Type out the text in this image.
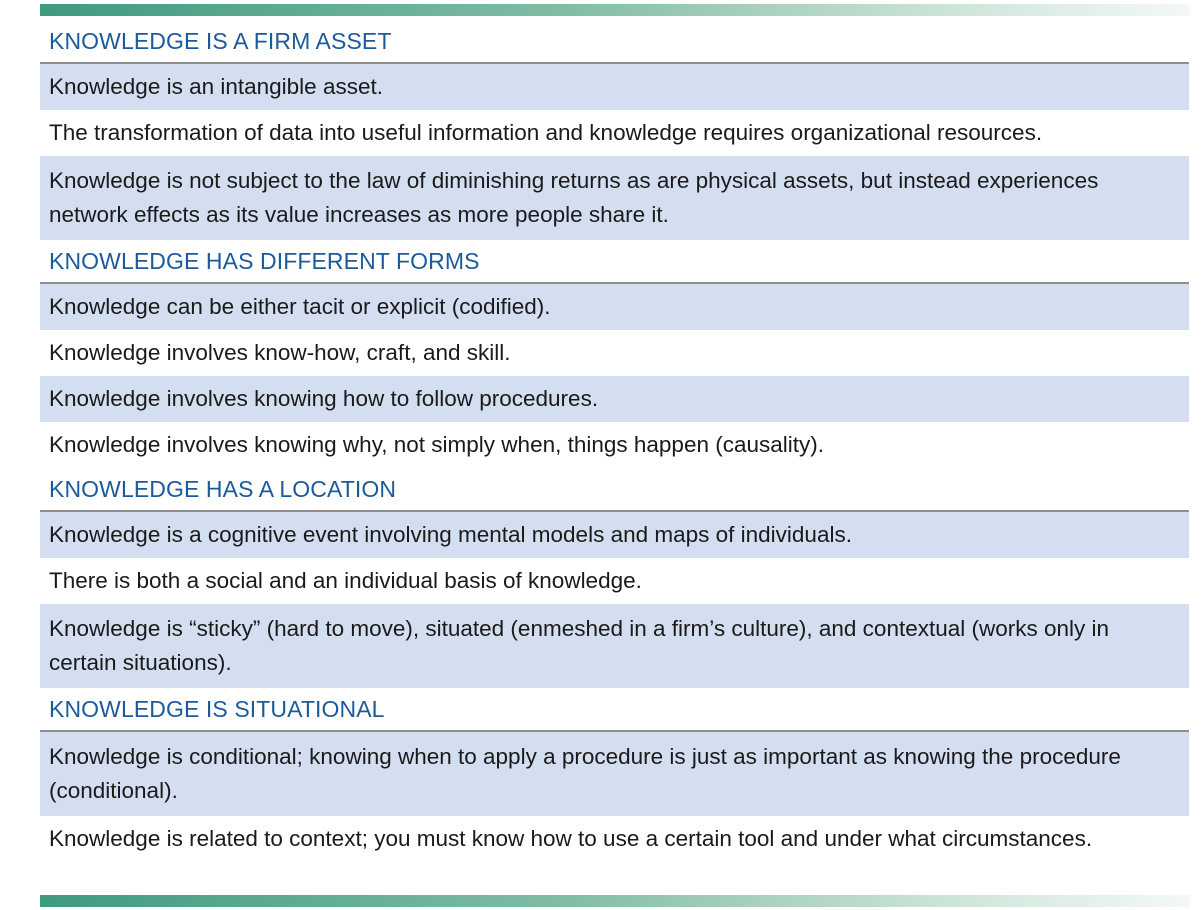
KNOWLEDGE IS A FIRM ASSET
Knowledge is an intangible asset.
The transformation of data into useful information and knowledge requires organizational resources.
Knowledge is not subject to the law of diminishing returns as are physical assets, but instead experiences network effects as its value increases as more people share it.
KNOWLEDGE HAS DIFFERENT FORMS
Knowledge can be either tacit or explicit (codified).
Knowledge involves know-how, craft, and skill.
Knowledge involves knowing how to follow procedures.
Knowledge involves knowing why, not simply when, things happen (causality).
KNOWLEDGE HAS A LOCATION
Knowledge is a cognitive event involving mental models and maps of individuals.
There is both a social and an individual basis of knowledge.
Knowledge is “sticky” (hard to move), situated (enmeshed in a firm’s culture), and contextual (works only in certain situations).
KNOWLEDGE IS SITUATIONAL
Knowledge is conditional; knowing when to apply a procedure is just as important as knowing the procedure (conditional).
Knowledge is related to context; you must know how to use a certain tool and under what circumstances.
